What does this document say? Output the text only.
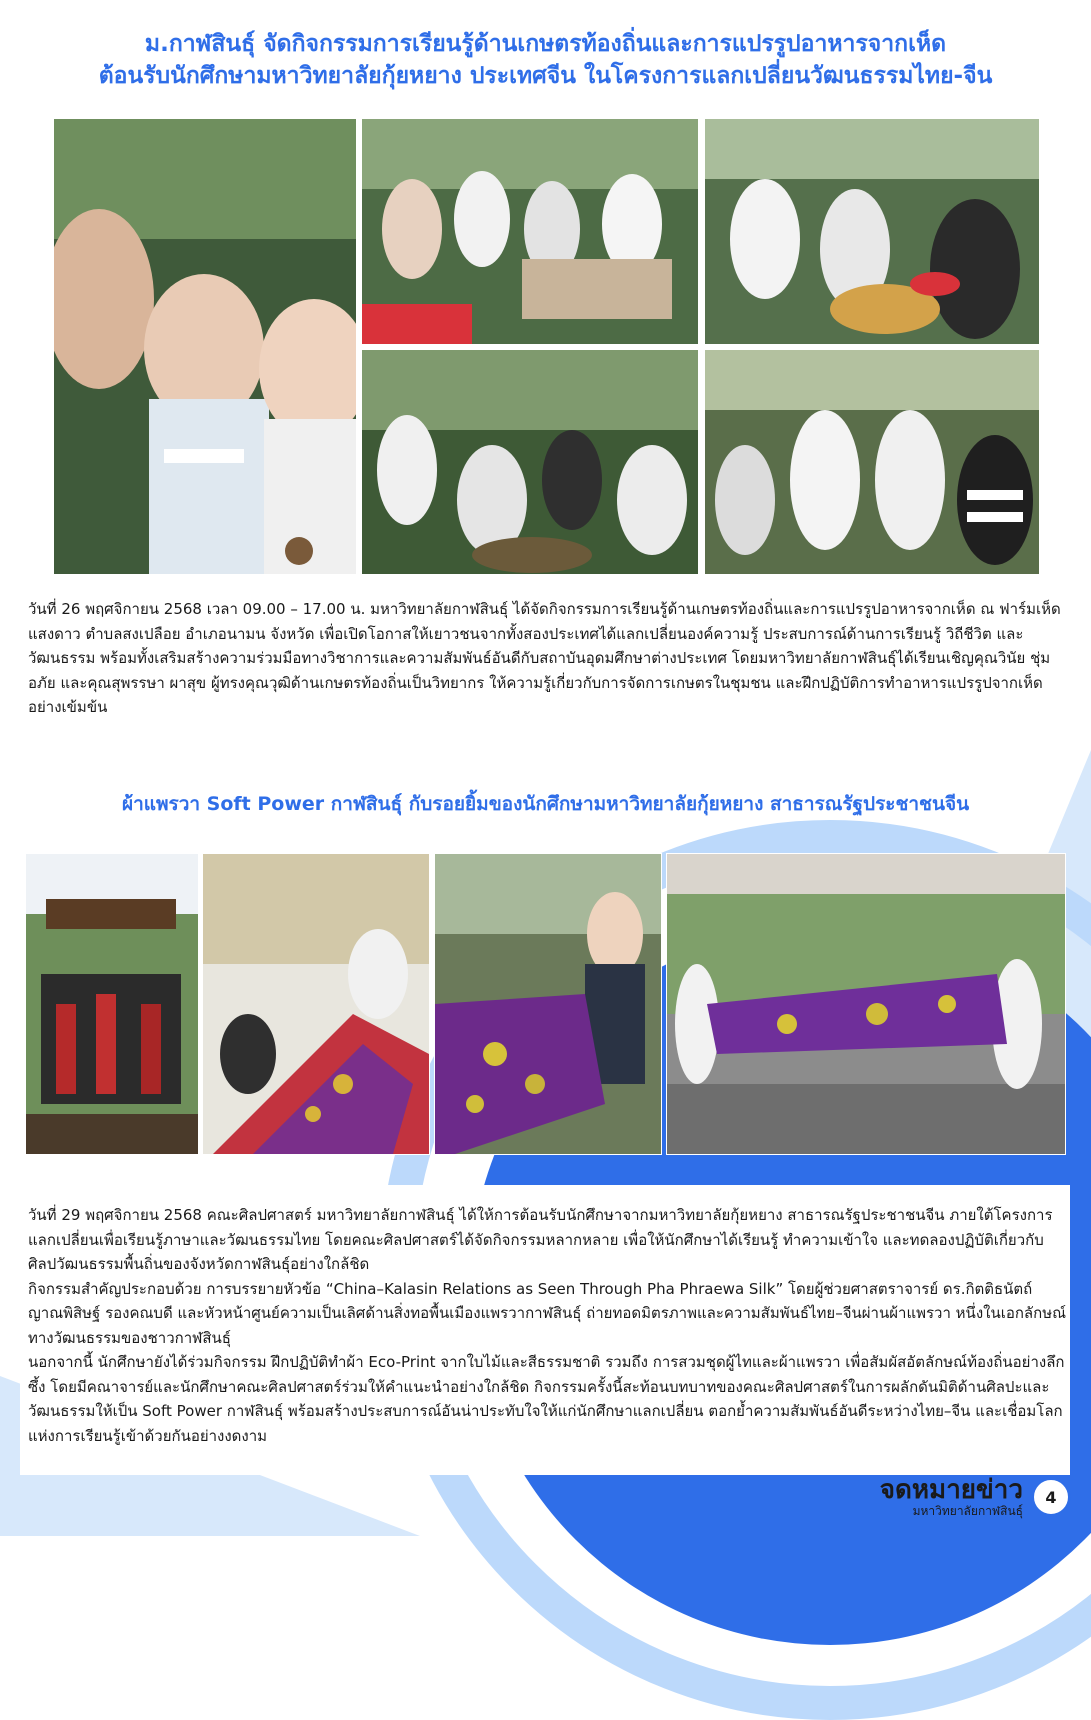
ม.กาฬสินธุ์ จัดกิจกรรมการเรียนรู้ด้านเกษตรท้องถิ่นและการแปรรูปอาหารจากเห็ด
ต้อนรับนักศึกษามหาวิทยาลัยกุ้ยหยาง ประเทศจีน ในโครงการแลกเปลี่ยนวัฒนธรรมไทย-จีน

วันที่ 26 พฤศจิกายน 2568 เวลา 09.00 – 17.00 น. มหาวิทยาลัยกาฬสินธุ์ ได้จัดกิจกรรมการเรียนรู้ด้านเกษตรท้องถิ่นและการแปรรูปอาหารจากเห็ด ณ ฟาร์มเห็ดแสงดาว ตำบลสงเปลือย อำเภอนามน จังหวัด เพื่อเปิดโอกาสให้เยาวชนจากทั้งสองประเทศได้แลกเปลี่ยนองค์ความรู้ ประสบการณ์ด้านการเรียนรู้ วิถีชีวิต และวัฒนธรรม พร้อมทั้งเสริมสร้างความร่วมมือทางวิชาการและความสัมพันธ์อันดีกับสถาบันอุดมศึกษาต่างประเทศ โดยมหาวิทยาลัยกาฬสินธุ์ได้เรียนเชิญคุณวินัย ชุ่มอภัย และคุณสุพรรษา ผาสุข ผู้ทรงคุณวุฒิด้านเกษตรท้องถิ่นเป็นวิทยากร ให้ความรู้เกี่ยวกับการจัดการเกษตรในชุมชน และฝึกปฏิบัติการทำอาหารแปรรูปจากเห็ดอย่างเข้มข้น

ผ้าแพรวา Soft Power กาฬสินธุ์ กับรอยยิ้มของนักศึกษามหาวิทยาลัยกุ้ยหยาง สาธารณรัฐประชาชนจีน

วันที่ 29 พฤศจิกายน 2568 คณะศิลปศาสตร์ มหาวิทยาลัยกาฬสินธุ์ ได้ให้การต้อนรับนักศึกษาจากมหาวิทยาลัยกุ้ยหยาง สาธารณรัฐประชาชนจีน ภายใต้โครงการแลกเปลี่ยนเพื่อเรียนรู้ภาษาและวัฒนธรรมไทย โดยคณะศิลปศาสตร์ได้จัดกิจกรรมหลากหลาย เพื่อให้นักศึกษาได้เรียนรู้ ทำความเข้าใจ และทดลองปฏิบัติเกี่ยวกับศิลปวัฒนธรรมพื้นถิ่นของจังหวัดกาฬสินธุ์อย่างใกล้ชิด

กิจกรรมสำคัญประกอบด้วย การบรรยายหัวข้อ “China–Kalasin Relations as Seen Through Pha Phraewa Silk” โดยผู้ช่วยศาสตราจารย์ ดร.กิตติธนัตถ์ ญาณพิสิษฐ์ รองคณบดี และหัวหน้าศูนย์ความเป็นเลิศด้านสิ่งทอพื้นเมืองแพรวากาฬสินธุ์ ถ่ายทอดมิตรภาพและความสัมพันธ์ไทย–จีนผ่านผ้าแพรวา หนึ่งในเอกลักษณ์ทางวัฒนธรรมของชาวกาฬสินธุ์

นอกจากนี้ นักศึกษายังได้ร่วมกิจกรรม ฝึกปฏิบัติทำผ้า Eco-Print จากใบไม้และสีธรรมชาติ รวมถึง การสวมชุดผู้ไทและผ้าแพรวา เพื่อสัมผัสอัตลักษณ์ท้องถิ่นอย่างลึกซึ้ง โดยมีคณาจารย์และนักศึกษาคณะศิลปศาสตร์ร่วมให้คำแนะนำอย่างใกล้ชิด กิจกรรมครั้งนี้สะท้อนบทบาทของคณะศิลปศาสตร์ในการผลักดันมิติด้านศิลปะและวัฒนธรรมให้เป็น Soft Power กาฬสินธุ์ พร้อมสร้างประสบการณ์อันน่าประทับใจให้แก่นักศึกษาแลกเปลี่ยน ตอกย้ำความสัมพันธ์อันดีระหว่างไทย–จีน และเชื่อมโลกแห่งการเรียนรู้เข้าด้วยกันอย่างงดงาม

จดหมายข่าว
มหาวิทยาลัยกาฬสินธุ์
4
